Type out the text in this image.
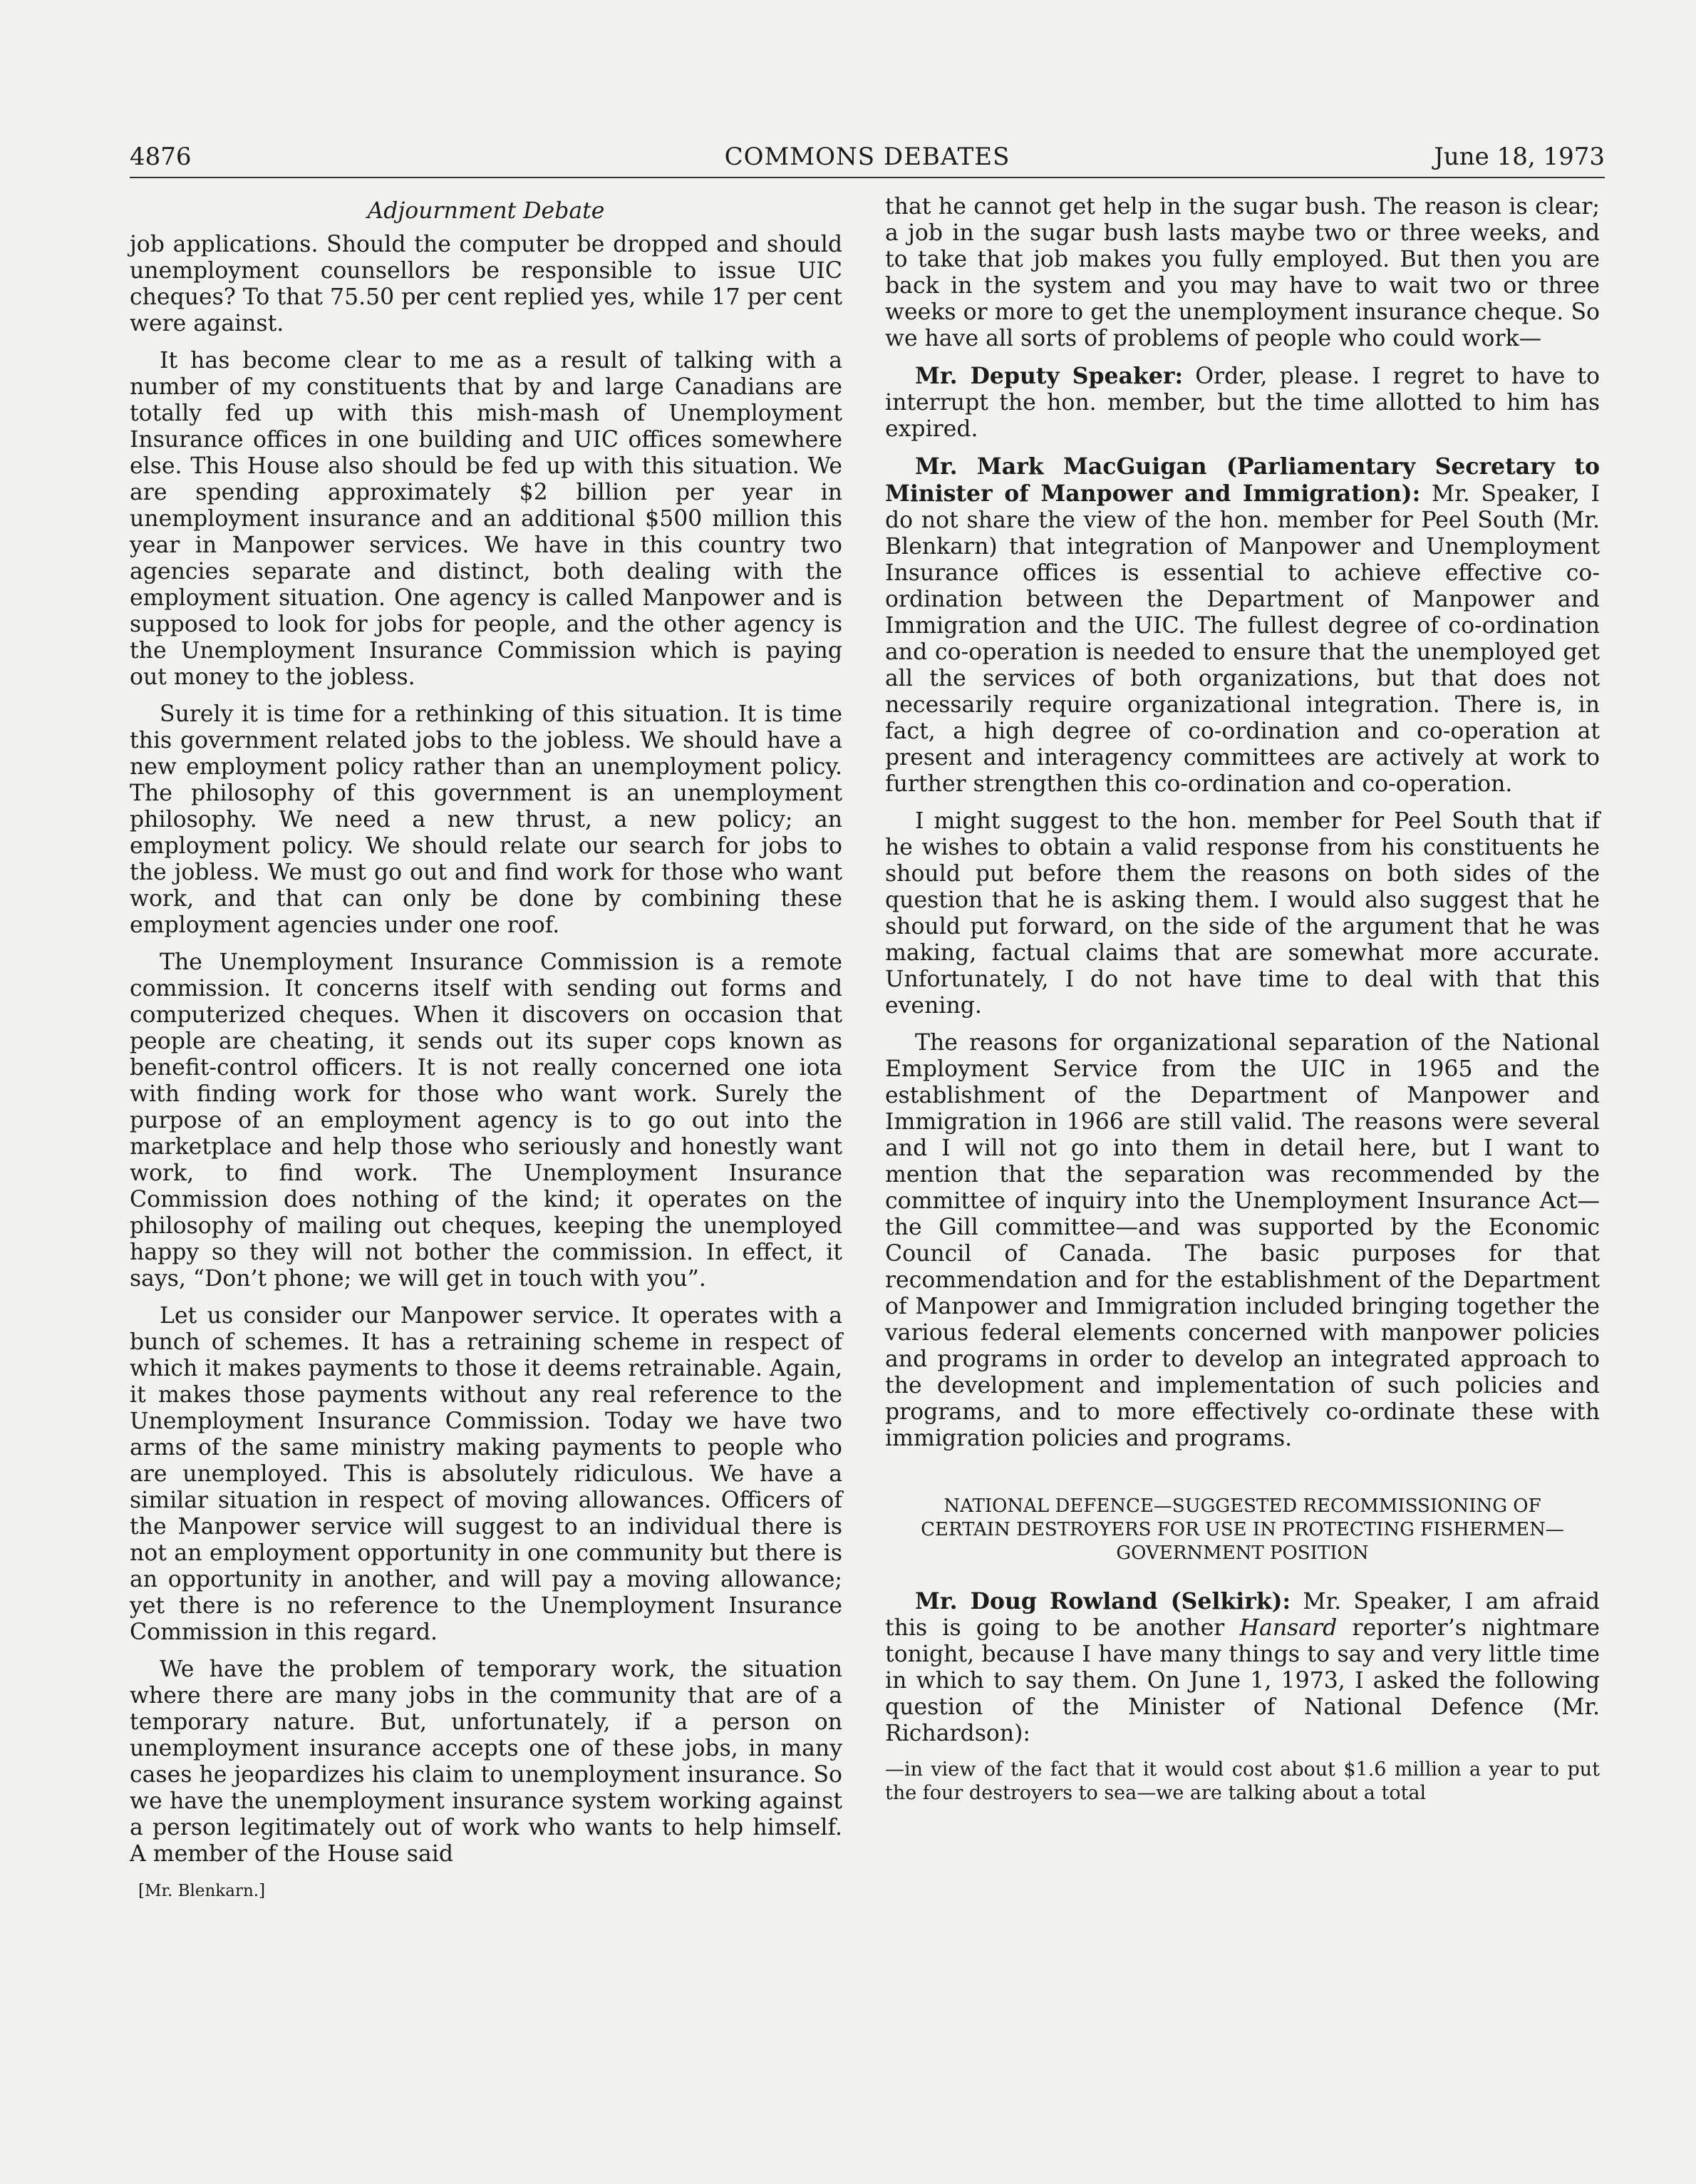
4876	COMMONS DEBATES	June 18, 1973
Adjournment Debate

job applications. Should the computer be dropped and should unemployment counsellors be responsible to issue UIC cheques? To that 75.50 per cent replied yes, while 17 per cent were against.

It has become clear to me as a result of talking with a number of my constituents that by and large Canadians are totally fed up with this mish-mash of Unemployment Insurance offices in one building and UIC offices somewhere else. This House also should be fed up with this situation. We are spending approximately $2 billion per year in unemployment insurance and an additional $500 million this year in Manpower services. We have in this country two agencies separate and distinct, both dealing with the employment situation. One agency is called Manpower and is supposed to look for jobs for people, and the other agency is the Unemployment Insurance Commission which is paying out money to the jobless.

Surely it is time for a rethinking of this situation. It is time this government related jobs to the jobless. We should have a new employment policy rather than an unemployment policy. The philosophy of this government is an unemployment philosophy. We need a new thrust, a new policy; an employment policy. We should relate our search for jobs to the jobless. We must go out and find work for those who want work, and that can only be done by combining these employment agencies under one roof.

The Unemployment Insurance Commission is a remote commission. It concerns itself with sending out forms and computerized cheques. When it discovers on occasion that people are cheating, it sends out its super cops known as benefit-control officers. It is not really concerned one iota with finding work for those who want work. Surely the purpose of an employment agency is to go out into the marketplace and help those who seriously and honestly want work, to find work. The Unemployment Insurance Commission does nothing of the kind; it operates on the philosophy of mailing out cheques, keeping the unemployed happy so they will not bother the commission. In effect, it says, “Don’t phone; we will get in touch with you”.

Let us consider our Manpower service. It operates with a bunch of schemes. It has a retraining scheme in respect of which it makes payments to those it deems retrainable. Again, it makes those payments without any real reference to the Unemployment Insurance Commission. Today we have two arms of the same ministry making payments to people who are unemployed. This is absolutely ridiculous. We have a similar situation in respect of moving allowances. Officers of the Manpower service will suggest to an individual there is not an employment opportunity in one community but there is an opportunity in another, and will pay a moving allowance; yet there is no reference to the Unemployment Insurance Commission in this regard.

We have the problem of temporary work, the situation where there are many jobs in the community that are of a temporary nature. But, unfortunately, if a person on unemployment insurance accepts one of these jobs, in many cases he jeopardizes his claim to unemployment insurance. So we have the unemployment insurance system working against a person legitimately out of work who wants to help himself. A member of the House said

[Mr. Blenkarn.]

that he cannot get help in the sugar bush. The reason is clear; a job in the sugar bush lasts maybe two or three weeks, and to take that job makes you fully employed. But then you are back in the system and you may have to wait two or three weeks or more to get the unemployment insurance cheque. So we have all sorts of problems of people who could work—

Mr. Deputy Speaker: Order, please. I regret to have to interrupt the hon. member, but the time allotted to him has expired.

Mr. Mark MacGuigan (Parliamentary Secretary to Minister of Manpower and Immigration): Mr. Speaker, I do not share the view of the hon. member for Peel South (Mr. Blenkarn) that integration of Manpower and Unemployment Insurance offices is essential to achieve effective co-ordination between the Department of Manpower and Immigration and the UIC. The fullest degree of co-ordination and co-operation is needed to ensure that the unemployed get all the services of both organizations, but that does not necessarily require organizational integration. There is, in fact, a high degree of co-ordination and co-operation at present and interagency committees are actively at work to further strengthen this co-ordination and co-operation.

I might suggest to the hon. member for Peel South that if he wishes to obtain a valid response from his constituents he should put before them the reasons on both sides of the question that he is asking them. I would also suggest that he should put forward, on the side of the argument that he was making, factual claims that are somewhat more accurate. Unfortunately, I do not have time to deal with that this evening.

The reasons for organizational separation of the National Employment Service from the UIC in 1965 and the establishment of the Department of Manpower and Immigration in 1966 are still valid. The reasons were several and I will not go into them in detail here, but I want to mention that the separation was recommended by the committee of inquiry into the Unemployment Insurance Act—the Gill committee—and was supported by the Economic Council of Canada. The basic purposes for that recommendation and for the establishment of the Department of Manpower and Immigration included bringing together the various federal elements concerned with manpower policies and programs in order to develop an integrated approach to the development and implementation of such policies and programs, and to more effectively co-ordinate these with immigration policies and programs.

NATIONAL DEFENCE—SUGGESTED RECOMMISSIONING OF CERTAIN DESTROYERS FOR USE IN PROTECTING FISHERMEN—GOVERNMENT POSITION

Mr. Doug Rowland (Selkirk): Mr. Speaker, I am afraid this is going to be another Hansard reporter’s nightmare tonight, because I have many things to say and very little time in which to say them. On June 1, 1973, I asked the following question of the Minister of National Defence (Mr. Richardson):

—in view of the fact that it would cost about $1.6 million a year to put the four destroyers to sea—we are talking about a total
